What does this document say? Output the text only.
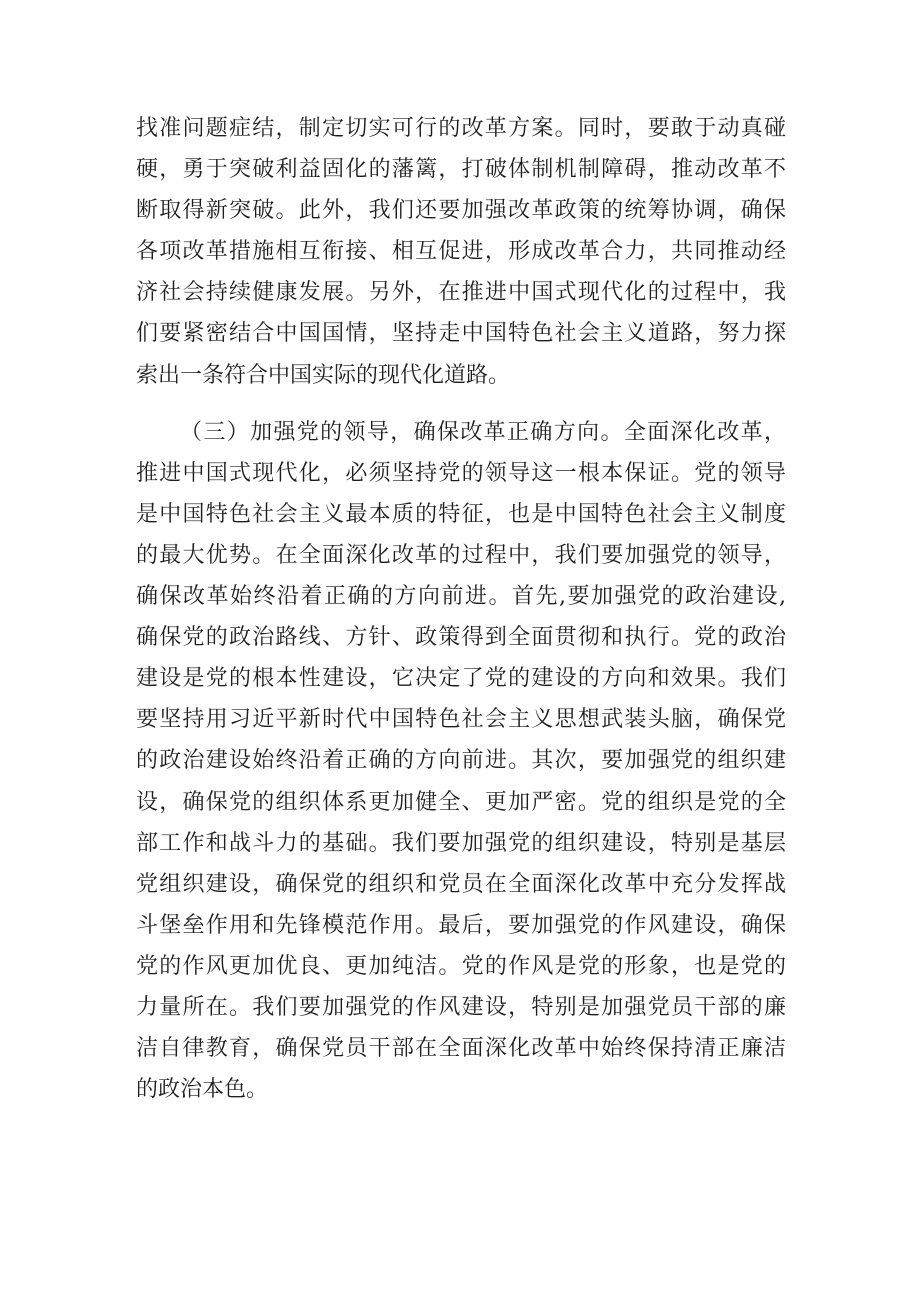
找准问题症结，制定切实可行的改革方案。同时，要敢于动真碰
硬，勇于突破利益固化的藩篱，打破体制机制障碍，推动改革不
断取得新突破。此外，我们还要加强改革政策的统筹协调，确保
各项改革措施相互衔接、相互促进，形成改革合力，共同推动经
济社会持续健康发展。另外，在推进中国式现代化的过程中，我
们要紧密结合中国国情，坚持走中国特色社会主义道路，努力探
索出一条符合中国实际的现代化道路。
（三）加强党的领导，确保改革正确方向。全面深化改革，
推进中国式现代化，必须坚持党的领导这一根本保证。党的领导
是中国特色社会主义最本质的特征，也是中国特色社会主义制度
的最大优势。在全面深化改革的过程中，我们要加强党的领导，
确保改革始终沿着正确的方向前进。首先,要加强党的政治建设,
确保党的政治路线、方针、政策得到全面贯彻和执行。党的政治
建设是党的根本性建设，它决定了党的建设的方向和效果。我们
要坚持用习近平新时代中国特色社会主义思想武装头脑，确保党
的政治建设始终沿着正确的方向前进。其次，要加强党的组织建
设，确保党的组织体系更加健全、更加严密。党的组织是党的全
部工作和战斗力的基础。我们要加强党的组织建设，特别是基层
党组织建设，确保党的组织和党员在全面深化改革中充分发挥战
斗堡垒作用和先锋模范作用。最后，要加强党的作风建设，确保
党的作风更加优良、更加纯洁。党的作风是党的形象，也是党的
力量所在。我们要加强党的作风建设，特别是加强党员干部的廉
洁自律教育，确保党员干部在全面深化改革中始终保持清正廉洁
的政治本色。
